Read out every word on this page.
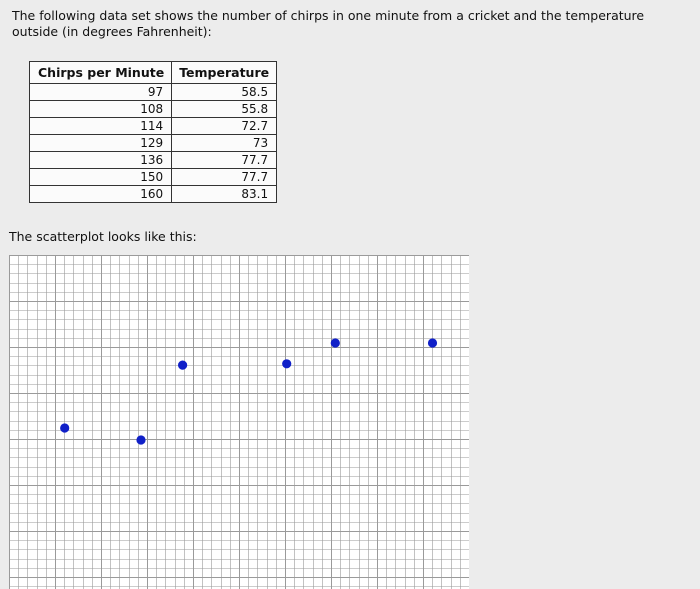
The following data set shows the number of chirps in one minute from a cricket and the temperature outside (in degrees Fahrenheit):
Chirps per Minute	Temperature
97	58.5
108	55.8
114	72.7
129	73
136	77.7
150	77.7
160	83.1
The scatterplot looks like this:
